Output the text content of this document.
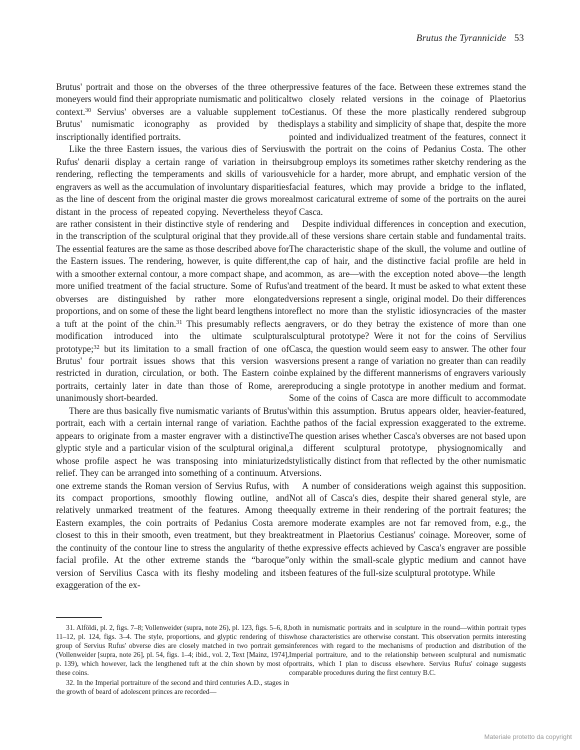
Brutus the Tyrannicide 53

Brutus' portrait and those on the obverses of the three other moneyers would find their appropriate numismatic and political context.$^{30}$ Servius' obverses are a valuable supplement to Brutus' numismatic iconography as provided by the inscriptionally identified portraits.

Like the three Eastern issues, the various dies of Servius Rufus' denarii display a certain range of variation in their rendering, reflecting the temperaments and skills of various engravers as well as the accumulation of involuntary disparities as the line of descent from the original master die grows more distant in the process of repeated copying. Nevertheless they are rather consistent in their distinctive style of rendering and in the transcription of the sculptural original that they provide. The essential features are the same as those described above for the Eastern issues. The rendering, however, is quite different, with a smoother external contour, a more compact shape, and a more unified treatment of the facial structure. Some of Rufus' obverses are distinguished by rather more elongated proportions, and on some of these the light beard lengthens into a tuft at the point of the chin.$^{31}$ This presumably reflects a modification introduced into the ultimate sculptural prototype;$^{32}$ but its limitation to a small fraction of one of Brutus' four portrait issues shows that this version was restricted in duration, circulation, or both. The Eastern coin portraits, certainly later in date than those of Rome, are unanimously short-bearded.

There are thus basically five numismatic variants of Brutus' portrait, each with a certain internal range of variation. Each appears to originate from a master engraver with a distinctive glyptic style and a particular vision of the sculptural original, whose profile aspect he was transposing into miniaturized relief. They can be arranged into something of a continuum. At one extreme stands the Roman version of Servius Rufus, with its compact proportions, smoothly flowing outline, and relatively unmarked treatment of the features. Among the Eastern examples, the coin portraits of Pedanius Costa are closest to this in their smooth, even treatment, but they break the continuity of the contour line to stress the angularity of the facial profile. At the other extreme stands the “baroque” version of Servilius Casca with its fleshy modeling and its exaggeration of the ex-

pressive features of the face. Between these extremes stand the two closely related versions in the coinage of Plaetorius Cestianus. Of these the more plastically rendered subgroup displays a stability and simplicity of shape that, despite the more pointed and individualized treatment of the features, connect it with the portrait on the coins of Pedanius Costa. The other subgroup employs its sometimes rather sketchy rendering as the vehicle for a harder, more abrupt, and emphatic version of the facial features, which may provide a bridge to the inflated, almost caricatural extreme of some of the portraits on the aurei of Casca.

Despite individual differences in conception and execution, all of these versions share certain stable and fundamental traits. The characteristic shape of the skull, the volume and outline of the cap of hair, and the distinctive facial profile are held in common, as are—with the exception noted above—the length and treatment of the beard. It must be asked to what extent these versions represent a single, original model. Do their differences reflect no more than the stylistic idiosyncracies of the master engravers, or do they betray the existence of more than one sculptural prototype? Were it not for the coins of Servilius Casca, the question would seem easy to answer. The other four versions present a range of variation no greater than can readily be explained by the different mannerisms of engravers variously reproducing a single prototype in another medium and format. Some of the coins of Casca are more difficult to accommodate within this assumption. Brutus appears older, heavier-featured, the pathos of the facial expression exaggerated to the extreme. The question arises whether Casca's obverses are not based upon a different sculptural prototype, physiognomically and stylistically distinct from that reflected by the other numismatic versions.

A number of considerations weigh against this supposition. Not all of Casca's dies, despite their shared general style, are equally extreme in their rendering of the portrait features; the more moderate examples are not far removed from, e.g., the treatment in Plaetorius Cestianus' coinage. Moreover, some of the expressive effects achieved by Casca's engraver are possible only within the small-scale glyptic medium and cannot have been features of the full-size sculptural prototype. While

31. Alföldi, pl. 2, figs. 7–8; Vollenweider (supra, note 26), pl. 123, figs. 5–6, 8, 11–12, pl. 124, figs. 3–4. The style, proportions, and glyptic rendering of this group of Servius Rufus' obverse dies are closely matched in two portrait gems (Vollenweider [supra, note 26], pl. 54, figs. 1–4; ibid., vol. 2, Text [Mainz, 1974], p. 139), which however, lack the lengthened tuft at the chin shown by most of these coins.

32. In the Imperial portraiture of the second and third centuries A.D., stages in the growth of beard of adolescent princes are recorded—

both in numismatic portraits and in sculpture in the round—within portrait types whose characteristics are otherwise constant. This observation permits interesting inferences with regard to the mechanisms of production and distribution of the Imperial portraiture, and to the relationship between sculptural and numismatic portraits, which I plan to discuss elsewhere. Servius Rufus' coinage suggests comparable procedures during the first century B.C.

Materiale protetto da copyright
